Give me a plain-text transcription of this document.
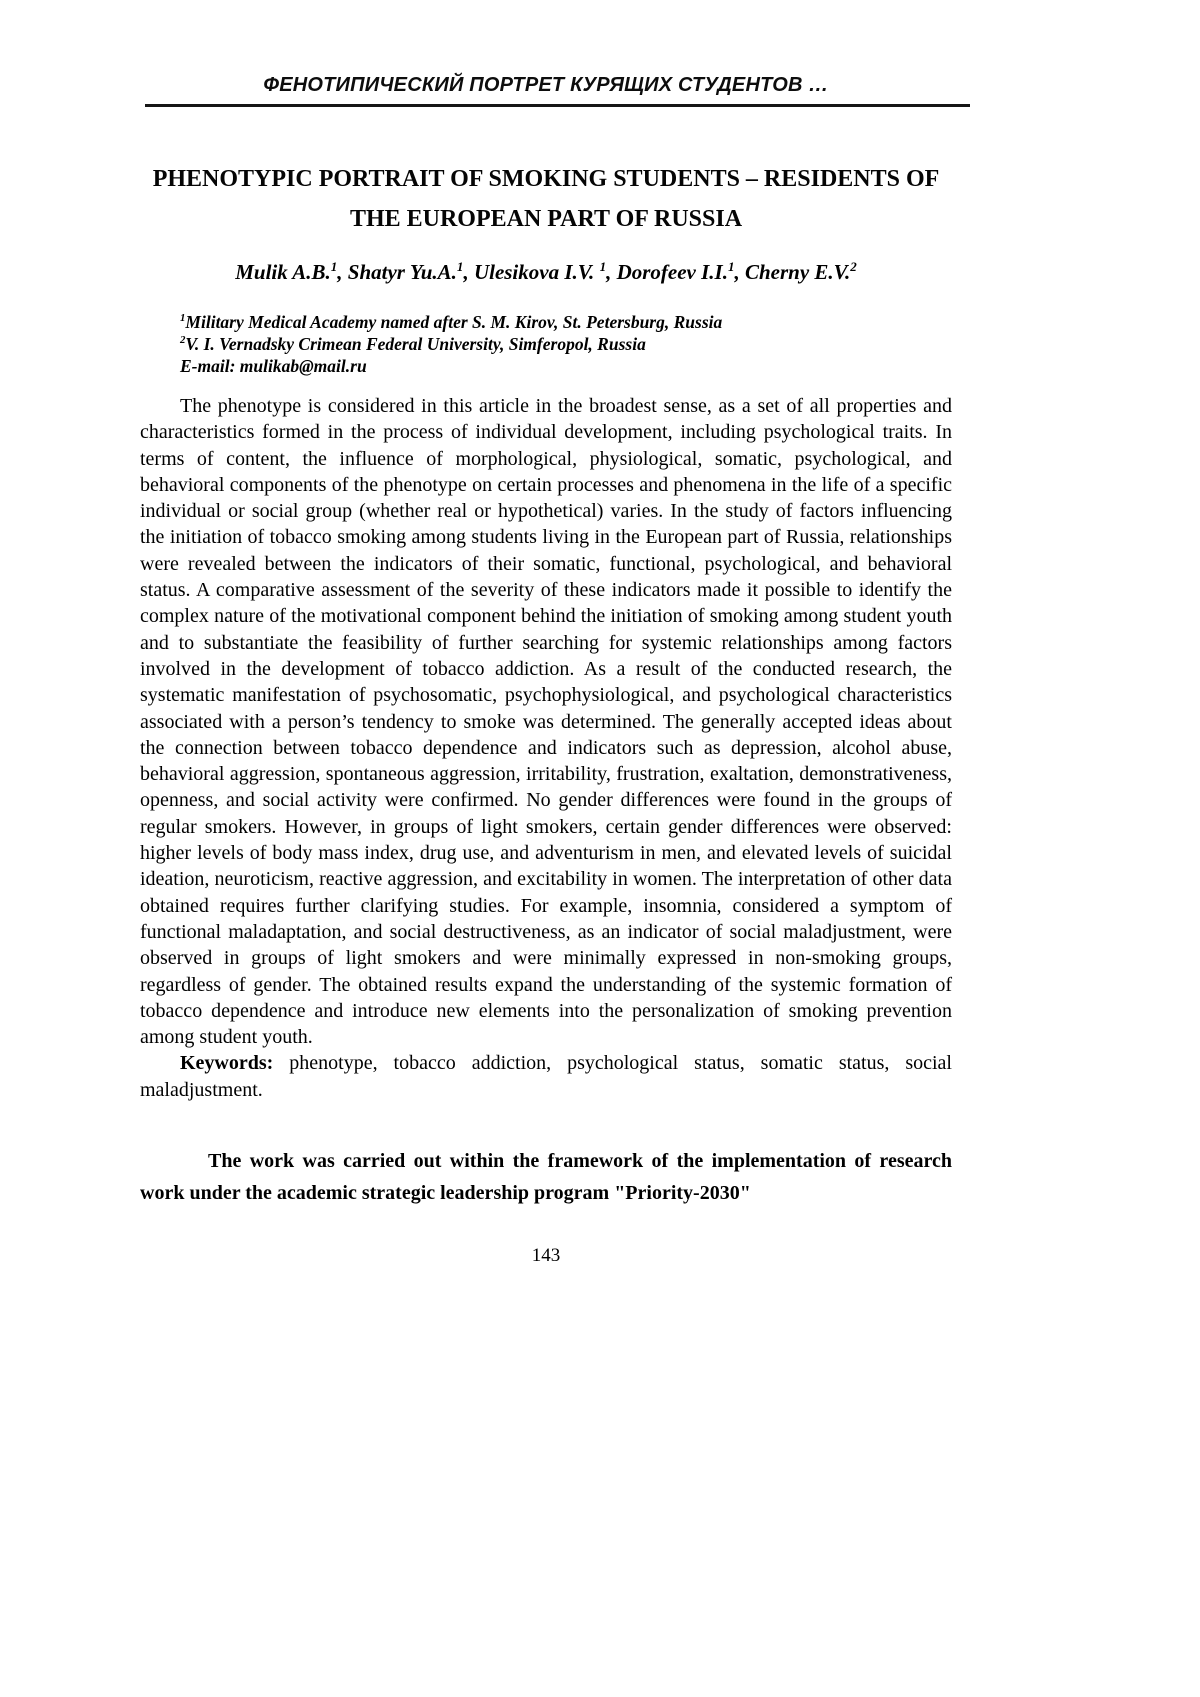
ФЕНОТИПИЧЕСКИЙ ПОРТРЕТ КУРЯЩИХ СТУДЕНТОВ …
PHENOTYPIC PORTRAIT OF SMOKING STUDENTS – RESIDENTS OF
THE EUROPEAN PART OF RUSSIA
Mulik A.B.$^1$, Shatyr Yu.A.$^1$, Ulesikova I.V. $^1$, Dorofeev I.I.$^1$, Cherny E.V.$^2$
$^1$Military Medical Academy named after S. M. Kirov, St. Petersburg, Russia
$^2$V. I. Vernadsky Crimean Federal University, Simferopol, Russia
E-mail: mulikab@mail.ru

The phenotype is considered in this article in the broadest sense, as a set of all properties and characteristics formed in the process of individual development, including psychological traits. In terms of content, the influence of morphological, physiological, somatic, psychological, and behavioral components of the phenotype on certain processes and phenomena in the life of a specific individual or social group (whether real or hypothetical) varies. In the study of factors influencing the initiation of tobacco smoking among students living in the European part of Russia, relationships were revealed between the indicators of their somatic, functional, psychological, and behavioral status. A comparative assessment of the severity of these indicators made it possible to identify the complex nature of the motivational component behind the initiation of smoking among student youth and to substantiate the feasibility of further searching for systemic relationships among factors involved in the development of tobacco addiction. As a result of the conducted research, the systematic manifestation of psychosomatic, psychophysiological, and psychological characteristics associated with a person’s tendency to smoke was determined. The generally accepted ideas about the connection between tobacco dependence and indicators such as depression, alcohol abuse, behavioral aggression, spontaneous aggression, irritability, frustration, exaltation, demonstrativeness, openness, and social activity were confirmed. No gender differences were found in the groups of regular smokers. However, in groups of light smokers, certain gender differences were observed: higher levels of body mass index, drug use, and adventurism in men, and elevated levels of suicidal ideation, neuroticism, reactive aggression, and excitability in women. The interpretation of other data obtained requires further clarifying studies. For example, insomnia, considered a symptom of functional maladaptation, and social destructiveness, as an indicator of social maladjustment, were observed in groups of light smokers and were minimally expressed in non-smoking groups, regardless of gender. The obtained results expand the understanding of the systemic formation of tobacco dependence and introduce new elements into the personalization of smoking prevention among student youth.

Keywords: phenotype, tobacco addiction, psychological status, somatic status, social maladjustment.

The work was carried out within the framework of the implementation of research work under the academic strategic leadership program "Priority-2030"
143
